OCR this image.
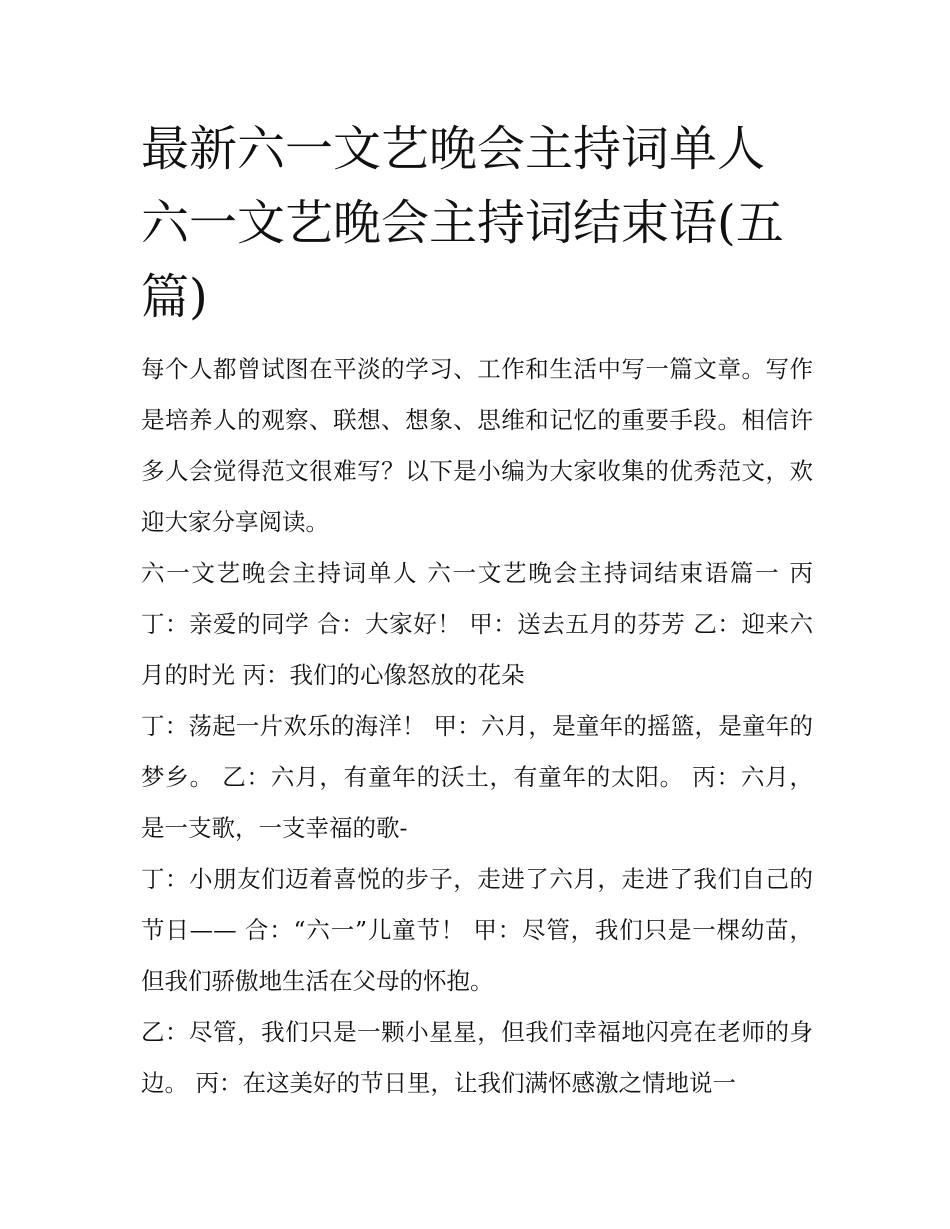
最新六一文艺晚会主持词单人 六一文艺晚会主持词结束语(五篇)

每个人都曾试图在平淡的学习、工作和生活中写一篇文章。写作是培养人的观察、联想、想象、思维和记忆的重要手段。相信许多人会觉得范文很难写？以下是小编为大家收集的优秀范文，欢迎大家分享阅读。

六一文艺晚会主持词单人 六一文艺晚会主持词结束语篇一 丙丁：亲爱的同学 合：大家好！ 甲：送去五月的芬芳 乙：迎来六月的时光 丙：我们的心像怒放的花朵

丁：荡起一片欢乐的海洋！ 甲：六月，是童年的摇篮，是童年的梦乡。 乙：六月，有童年的沃土，有童年的太阳。 丙：六月，是一支歌，一支幸福的歌-

丁：小朋友们迈着喜悦的步子，走进了六月，走进了我们自己的节日—— 合：“六一”儿童节！ 甲：尽管，我们只是一棵幼苗，但我们骄傲地生活在父母的怀抱。

乙：尽管，我们只是一颗小星星，但我们幸福地闪亮在老师的身边。 丙：在这美好的节日里，让我们满怀感激之情地说一
